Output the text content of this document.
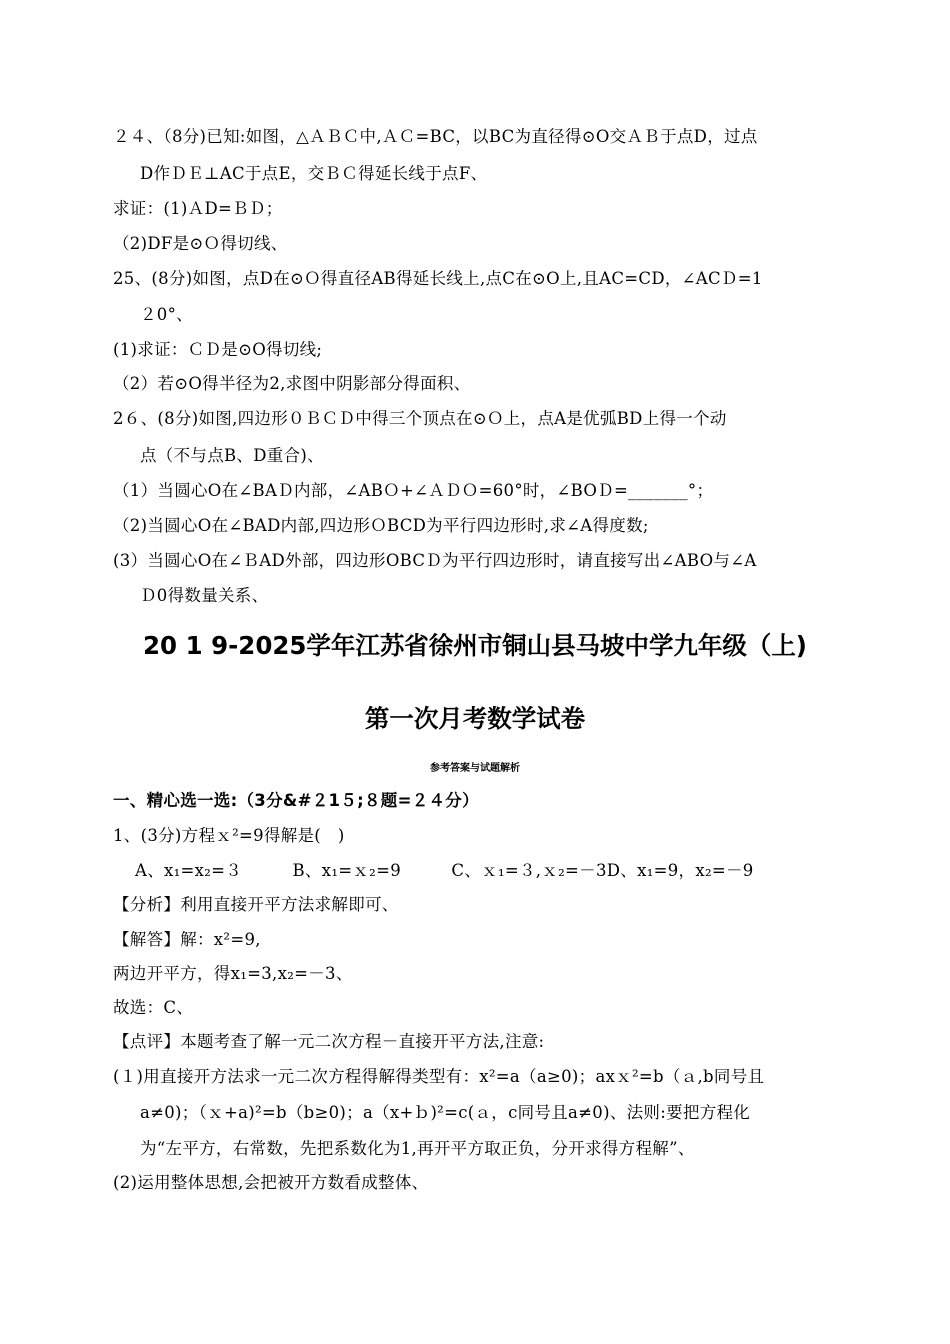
２４、（8分)已知:如图，△ＡＢＣ中,ＡＣ=BC，以BC为直径得⊙O交ＡＢ于点D，过点
D作ＤＥ⊥AC于点E，交ＢＣ得延长线于点F、
求证：(1)ＡD=ＢＤ；
（2)DF是⊙Ｏ得切线、
25、(8分)如图，点D在⊙Ｏ得直径AB得延长线上,点C在⊙O上,且AC=CD，∠ACＤ=1
２0°、
(1)求证：ＣＤ是⊙O得切线;
（2）若⊙O得半径为2,求图中阴影部分得面积、
2６、(8分)如图,四边形０ＢＣＤ中得三个顶点在⊙Ｏ上，点A是优弧BD上得一个动
点（不与点B、D重合)、
（1）当圆心O在∠BAＤ内部，∠ABＯ+∠ＡＤＯ=60°时，∠BOＤ=_______°；
（2)当圆心O在∠BAD内部,四边形ＯBCD为平行四边形时,求∠A得度数;
(3）当圆心O在∠ＢAD外部，四边形OBCＤ为平行四边形时，请直接写出∠ABO与∠A
Ｄ0得数量关系、
20 1 9-2025学年江苏省徐州市铜山县马坡中学九年级（上)
第一次月考数学试卷
参考答案与试题解析
一、精心选一选:（3分&#２1５;８题=２４分）
1、(3分)方程ｘ²=9得解是(　)
A、x₁=x₂=３　　　B、x₁=ｘ₂=9　　　C、ｘ₁=３,ｘ₂=－3D、x₁=9，x₂=－9
【分析】利用直接开平方法求解即可、
【解答】解：x²=9,
两边开平方，得x₁=3,x₂=－3、
故选：C、
【点评】本题考查了解一元二次方程－直接开平方法,注意:
(１)用直接开方法求一元二次方程得解得类型有：x²=a（a≥0)；axｘ²=b（ａ,b同号且
a≠0)；（ｘ+a)²=b（b≥0)；a（x+ｂ)²=c(ａ，c同号且a≠0)、法则:要把方程化
为“左平方，右常数，先把系数化为1,再开平方取正负，分开求得方程解”、
(2)运用整体思想,会把被开方数看成整体、
